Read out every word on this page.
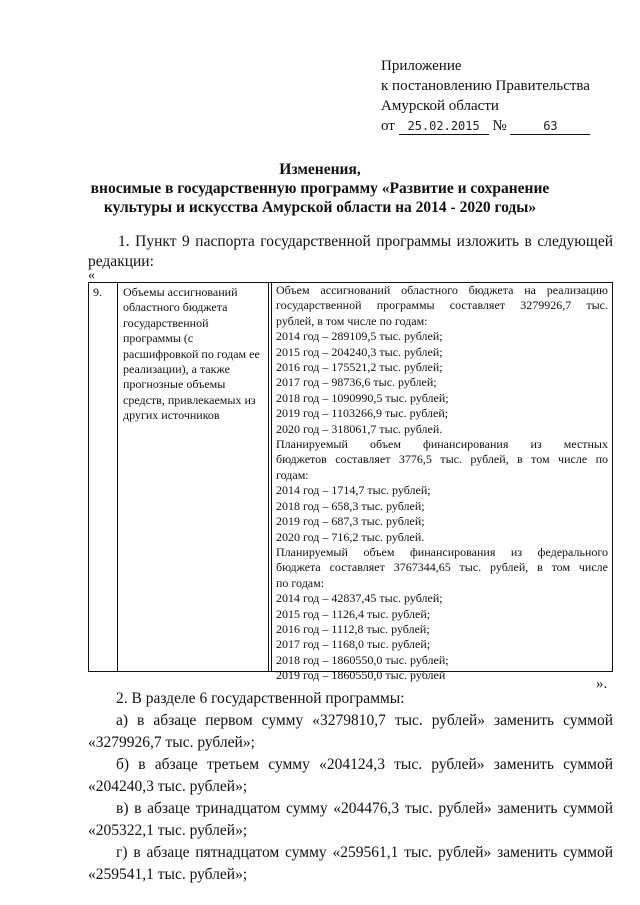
Приложение
к постановлению Правительства
Амурской области
от 25.02.2015 №	63
Изменения,
вносимые в государственную программу «Развитие и сохранение
культуры и искусства Амурской области на 2014 - 2020 годы»
1. Пункт 9 паспорта государственной программы изложить в следующей
редакции:
«
9. Объемы ассигнований областного бюджета государственной программы (с расшифровкой по годам ее реализации), а также прогнозные объемы средств, привлекаемых из других источников
Объем ассигнований областного бюджета на реализацию
государственной программы составляет 3279926,7 тыс.
рублей, в том числе по годам:
2014 год – 289109,5 тыс. рублей;
2015 год – 204240,3 тыс. рублей;
2016 год – 175521,2 тыс. рублей;
2017 год – 98736,6 тыс. рублей;
2018 год – 1090990,5 тыс. рублей;
2019 год – 1103266,9 тыс. рублей;
2020 год – 318061,7 тыс. рублей.
Планируемый объем финансирования из местных
бюджетов составляет 3776,5 тыс. рублей, в том числе по
годам:
2014 год – 1714,7 тыс. рублей;
2018 год – 658,3 тыс. рублей;
2019 год – 687,3 тыс. рублей;
2020 год – 716,2 тыс. рублей.
Планируемый объем финансирования из федерального
бюджета составляет 3767344,65 тыс. рублей, в том числе
по годам:
2014 год – 42837,45 тыс. рублей;
2015 год – 1126,4 тыс. рублей;
2016 год – 1112,8 тыс. рублей;
2017 год – 1168,0 тыс. рублей;
2018 год – 1860550,0 тыс. рублей;
2019 год – 1860550,0 тыс. рублей
».
2. В разделе 6 государственной программы:
а) в абзаце первом сумму «3279810,7 тыс. рублей» заменить суммой
«3279926,7 тыс. рублей»;
б) в абзаце третьем сумму «204124,3 тыс. рублей» заменить суммой
«204240,3 тыс. рублей»;
в) в абзаце тринадцатом сумму «204476,3 тыс. рублей» заменить суммой
«205322,1 тыс. рублей»;
г) в абзаце пятнадцатом сумму «259561,1 тыс. рублей» заменить суммой
«259541,1 тыс. рублей»;
